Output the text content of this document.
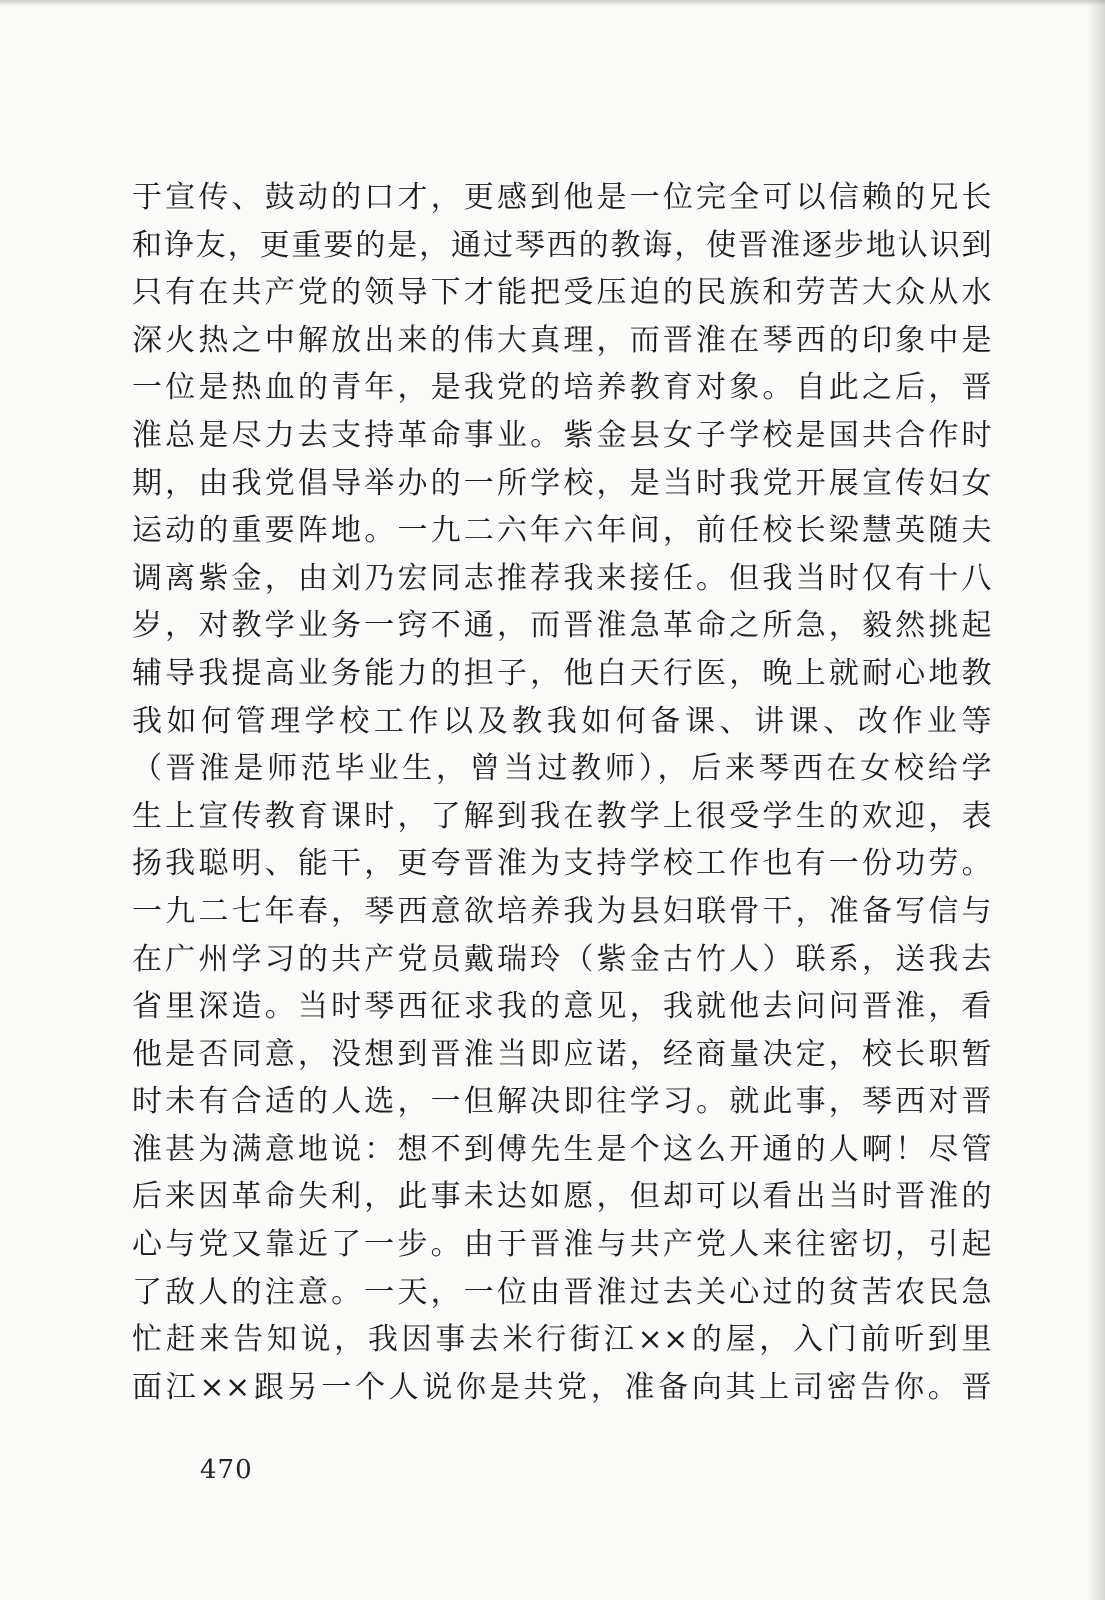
于宣传、鼓动的口才，更感到他是一位完全可以信赖的兄长
和诤友，更重要的是，通过琴西的教诲，使晋淮逐步地认识到
只有在共产党的领导下才能把受压迫的民族和劳苦大众从水
深火热之中解放出来的伟大真理，而晋淮在琴西的印象中是
一位是热血的青年，是我党的培养教育对象。自此之后，晋
淮总是尽力去支持革命事业。紫金县女子学校是国共合作时
期，由我党倡导举办的一所学校，是当时我党开展宣传妇女
运动的重要阵地。一九二六年六年间，前任校长梁慧英随夫
调离紫金，由刘乃宏同志推荐我来接任。但我当时仅有十八
岁，对教学业务一窍不通，而晋淮急革命之所急，毅然挑起
辅导我提高业务能力的担子，他白天行医，晚上就耐心地教
我如何管理学校工作以及教我如何备课、讲课、改作业等
（晋淮是师范毕业生，曾当过教师），后来琴西在女校给学
生上宣传教育课时，了解到我在教学上很受学生的欢迎，表
扬我聪明、能干，更夸晋淮为支持学校工作也有一份功劳。
一九二七年春，琴西意欲培养我为县妇联骨干，准备写信与
在广州学习的共产党员戴瑞玲（紫金古竹人）联系，送我去
省里深造。当时琴西征求我的意见，我就他去问问晋淮，看
他是否同意，没想到晋淮当即应诺，经商量决定，校长职暂
时未有合适的人选，一但解决即往学习。就此事，琴西对晋
淮甚为满意地说：想不到傅先生是个这么开通的人啊！尽管
后来因革命失利，此事未达如愿，但却可以看出当时晋淮的
心与党又靠近了一步。由于晋淮与共产党人来往密切，引起
了敌人的注意。一天，一位由晋淮过去关心过的贫苦农民急
忙赶来告知说，我因事去米行街江××的屋，入门前听到里
面江××跟另一个人说你是共党，准备向其上司密告你。晋
470
